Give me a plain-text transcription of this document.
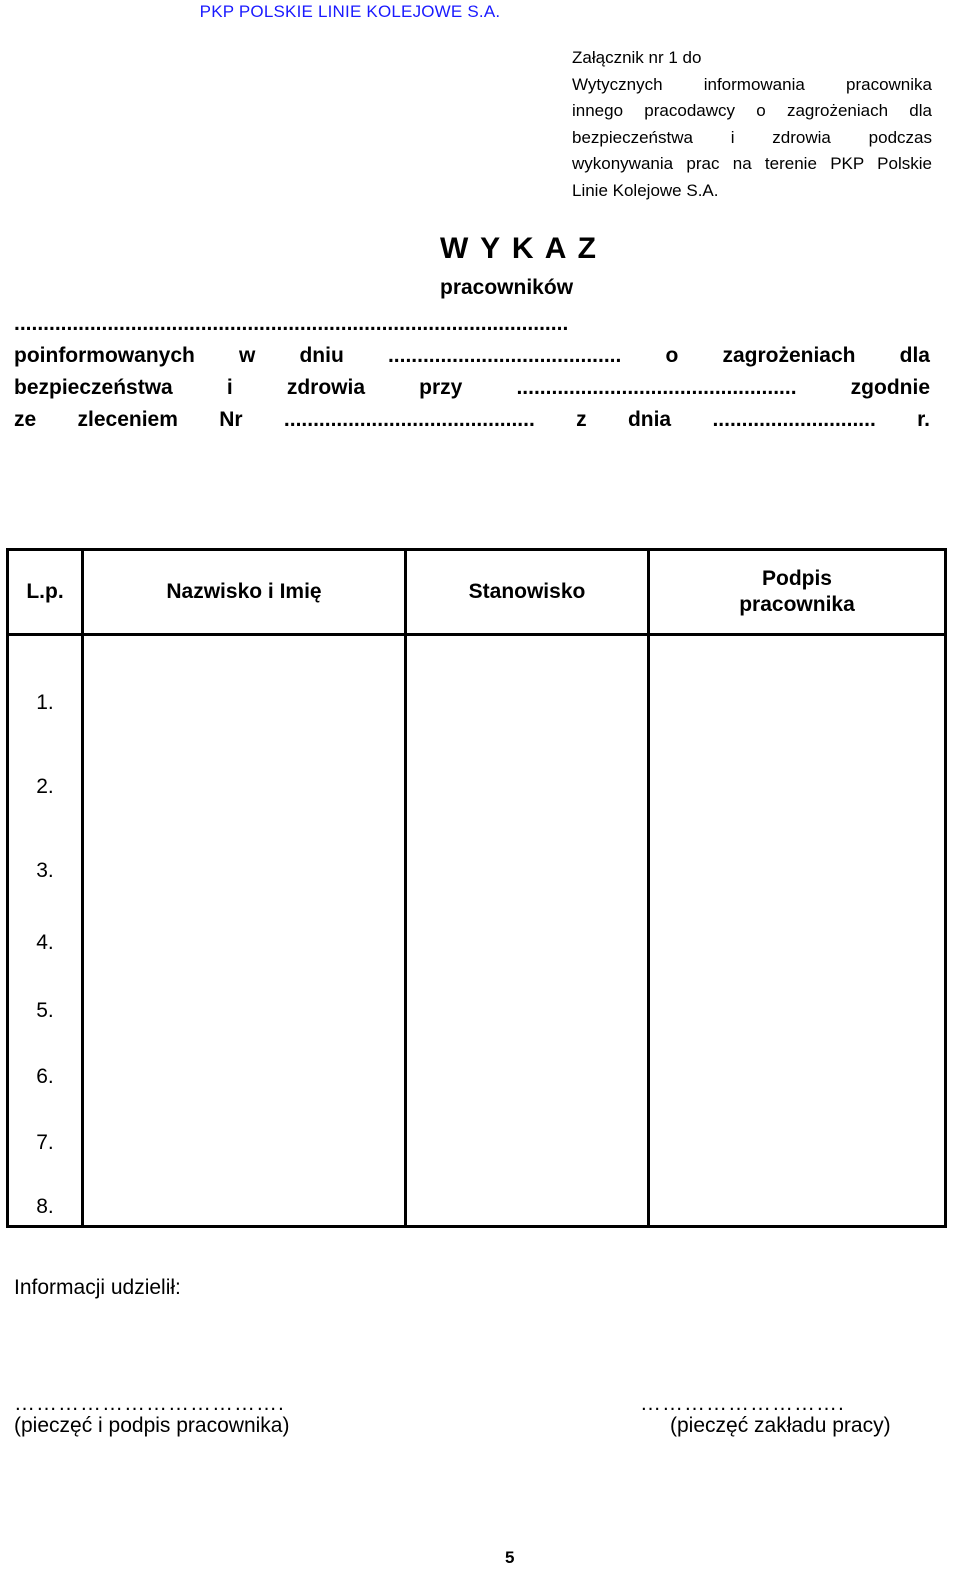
PKP POLSKIE LINIE KOLEJOWE S.A.
Załącznik nr 1 do
Wytycznych informowania pracownika
innego pracodawcy o zagrożeniach dla
bezpieczeństwa i zdrowia podczas
wykonywania prac na terenie PKP Polskie
Linie Kolejowe S.A.
W Y K A Z
pracowników
...............................................................................................
poinformowanych w dniu ........................................ o zagrożeniach dla
bezpieczeństwa i zdrowia przy ................................................ zgodnie
ze zleceniem Nr ........................................... z dnia ............................ r.
L.p.	Nazwisko i Imię	Stanowisko	Podpis pracownika

1.			
2.			
3.			
4.			
5.			
6.			
7.			
8.			
Informacji udzielił:
……………………………….	……………………….
(pieczęć i podpis pracownika)	(pieczęć zakładu pracy)
5
